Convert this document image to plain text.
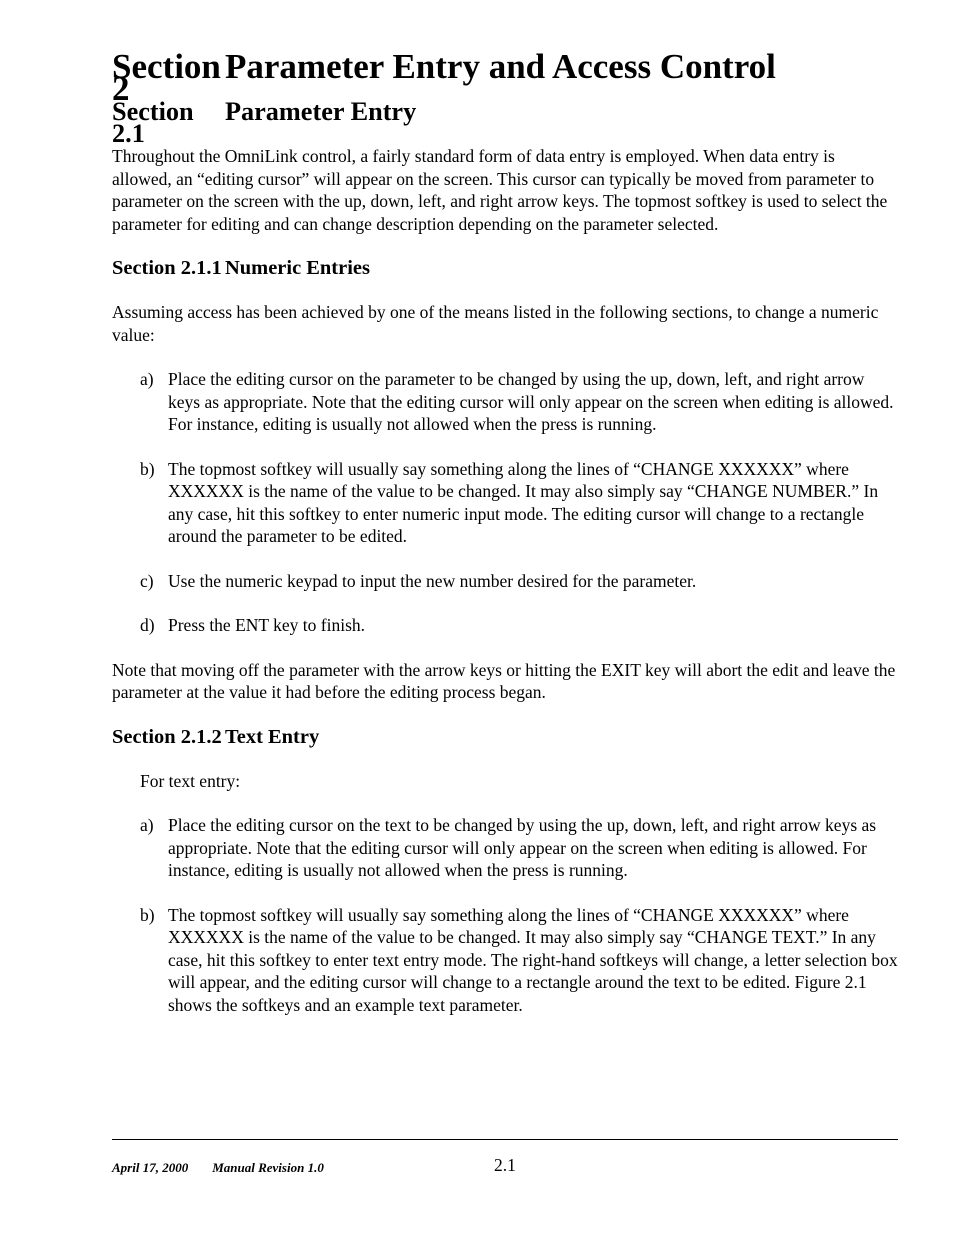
Section 2
Parameter Entry and Access Control
Section 2.1
Parameter Entry

Throughout the OmniLink control, a fairly standard form of data entry is employed. When data entry is allowed, an “editing cursor” will appear on the screen. This cursor can typically be moved from parameter to parameter on the screen with the up, down, left, and right arrow keys. The topmost softkey is used to select the parameter for editing and can change description depending on the parameter selected.

Section 2.1.1 Numeric Entries

Assuming access has been achieved by one of the means listed in the following sections, to change a numeric value:

a) Place the editing cursor on the parameter to be changed by using the up, down, left, and right arrow keys as appropriate. Note that the editing cursor will only appear on the screen when editing is allowed. For instance, editing is usually not allowed when the press is running.
b) The topmost softkey will usually say something along the lines of “CHANGE XXXXXX” where XXXXXX is the name of the value to be changed. It may also simply say “CHANGE NUMBER.” In any case, hit this softkey to enter numeric input mode. The editing cursor will change to a rectangle around the parameter to be edited.
c) Use the numeric keypad to input the new number desired for the parameter.
d) Press the ENT key to finish.

Note that moving off the parameter with the arrow keys or hitting the EXIT key will abort the edit and leave the parameter at the value it had before the editing process began.

Section 2.1.2 Text Entry

For text entry:

a) Place the editing cursor on the text to be changed by using the up, down, left, and right arrow keys as appropriate. Note that the editing cursor will only appear on the screen when editing is allowed. For instance, editing is usually not allowed when the press is running.
b) The topmost softkey will usually say something along the lines of “CHANGE XXXXXX” where XXXXXX is the name of the value to be changed. It may also simply say “CHANGE TEXT.” In any case, hit this softkey to enter text entry mode. The right-hand softkeys will change, a letter selection box will appear, and the editing cursor will change to a rectangle around the text to be edited. Figure 2.1 shows the softkeys and an example text parameter.
April 17, 2000 Manual Revision 1.0	2.1
